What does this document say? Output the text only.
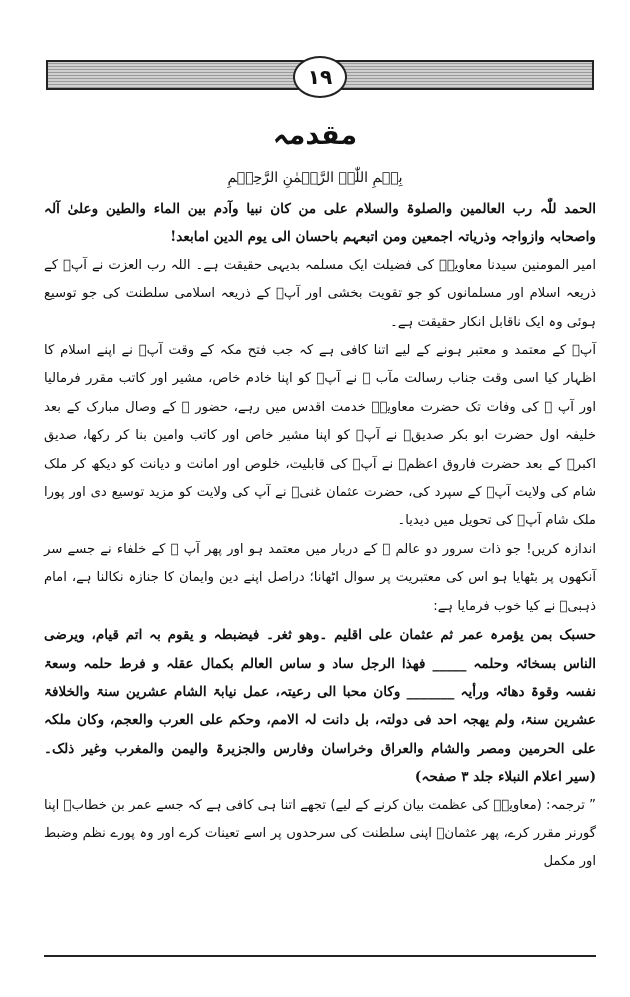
١٩
مقدمہ
بِسۡمِ اللّٰہِ الرَّحۡمٰنِ الرَّحِیۡمِ

الحمد للّٰہ رب العالمین والصلوۃ والسلام علی من کان نبیا وآدم بین الماء والطین وعلیٰ آلہ واصحابہ وازواجہ وذریاتہ اجمعین ومن اتبعہم باحسان الی یوم الدین امابعد!

امیر المومنین سیدنا معاویہؓ کی فضیلت ایک مسلمہ بدیہی حقیقت ہے۔ اللہ رب العزت نے آپؓ کے ذریعہ اسلام اور مسلمانوں کو جو تقویت بخشی اور آپؓ کے ذریعہ اسلامی سلطنت کی جو توسیع ہوئی وہ ایک ناقابل انکار حقیقت ہے۔

آپؓ کے معتمد و معتبر ہونے کے لیے اتنا کافی ہے کہ جب فتح مکہ کے وقت آپؓ نے اپنے اسلام کا اظہار کیا اسی وقت جناب رسالت مآب ﷺ نے آپؓ کو اپنا خادم خاص، مشیر اور کاتب مقرر فرمالیا اور آپ ﷺ کی وفات تک حضرت معاویہؓ خدمت اقدس میں رہے، حضور ﷺ کے وصال مبارک کے بعد خلیفہ اول حضرت ابو بکر صدیقؓ نے آپؓ کو اپنا مشیر خاص اور کاتب وامین بنا کر رکھا، صدیق اکبرؓ کے بعد حضرت فاروق اعظمؓ نے آپؓ کی قابلیت، خلوص اور امانت و دیانت کو دیکھ کر ملک شام کی ولایت آپؓ کے سپرد کی، حضرت عثمان غنیؓ نے آپ کی ولایت کو مزید توسیع دی اور پورا ملک شام آپؓ کی تحویل میں دیدیا۔

اندازہ کریں! جو ذات سرور دو عالم ﷺ کے دربار میں معتمد ہو اور پھر آپ ﷺ کے خلفاء نے جسے سر آنکھوں پر بٹھایا ہو اس کی معتبریت پر سوال اٹھانا؛ دراصل اپنے دین وایمان کا جنازہ نکالنا ہے، امام ذہبیؒ نے کیا خوب فرمایا ہے:

حسبک بمن یؤمرہ عمر ثم عثمان علی اقلیم ۔وھو ثغر۔ فیضبطہ و یقوم بہ اتم قیام، ویرضی الناس بسخائہ وحلمہ _____ فھذا الرجل ساد و ساس العالم بکمال عقلہ و فرط حلمہ وسعۃ نفسہ وقوۃ دھائہ ورأیہ _______ وکان محبا الی رعیتہ، عمل نیابۃ الشام عشرین سنۃ والخلافۃ عشرین سنۃ، ولم یھجہ احد فی دولتہ، بل دانت لہ الامم، وحکم علی العرب والعجم، وکان ملکہ علی الحرمین ومصر والشام والعراق وخراسان وفارس والجزیرۃ والیمن والمغرب وغیر ذلک۔ (سیر اعلام النبلاء جلد ۳ صفحہ)

” ترجمہ: (معاویہؓ کی عظمت بیان کرنے کے لیے) تجھے اتنا ہی کافی ہے کہ جسے عمر بن خطابؓ اپنا گورنر مقرر کرے، پھر عثمانؓ اپنی سلطنت کی سرحدوں پر اسے تعینات کرے اور وہ پورے نظم وضبط اور مکمل
